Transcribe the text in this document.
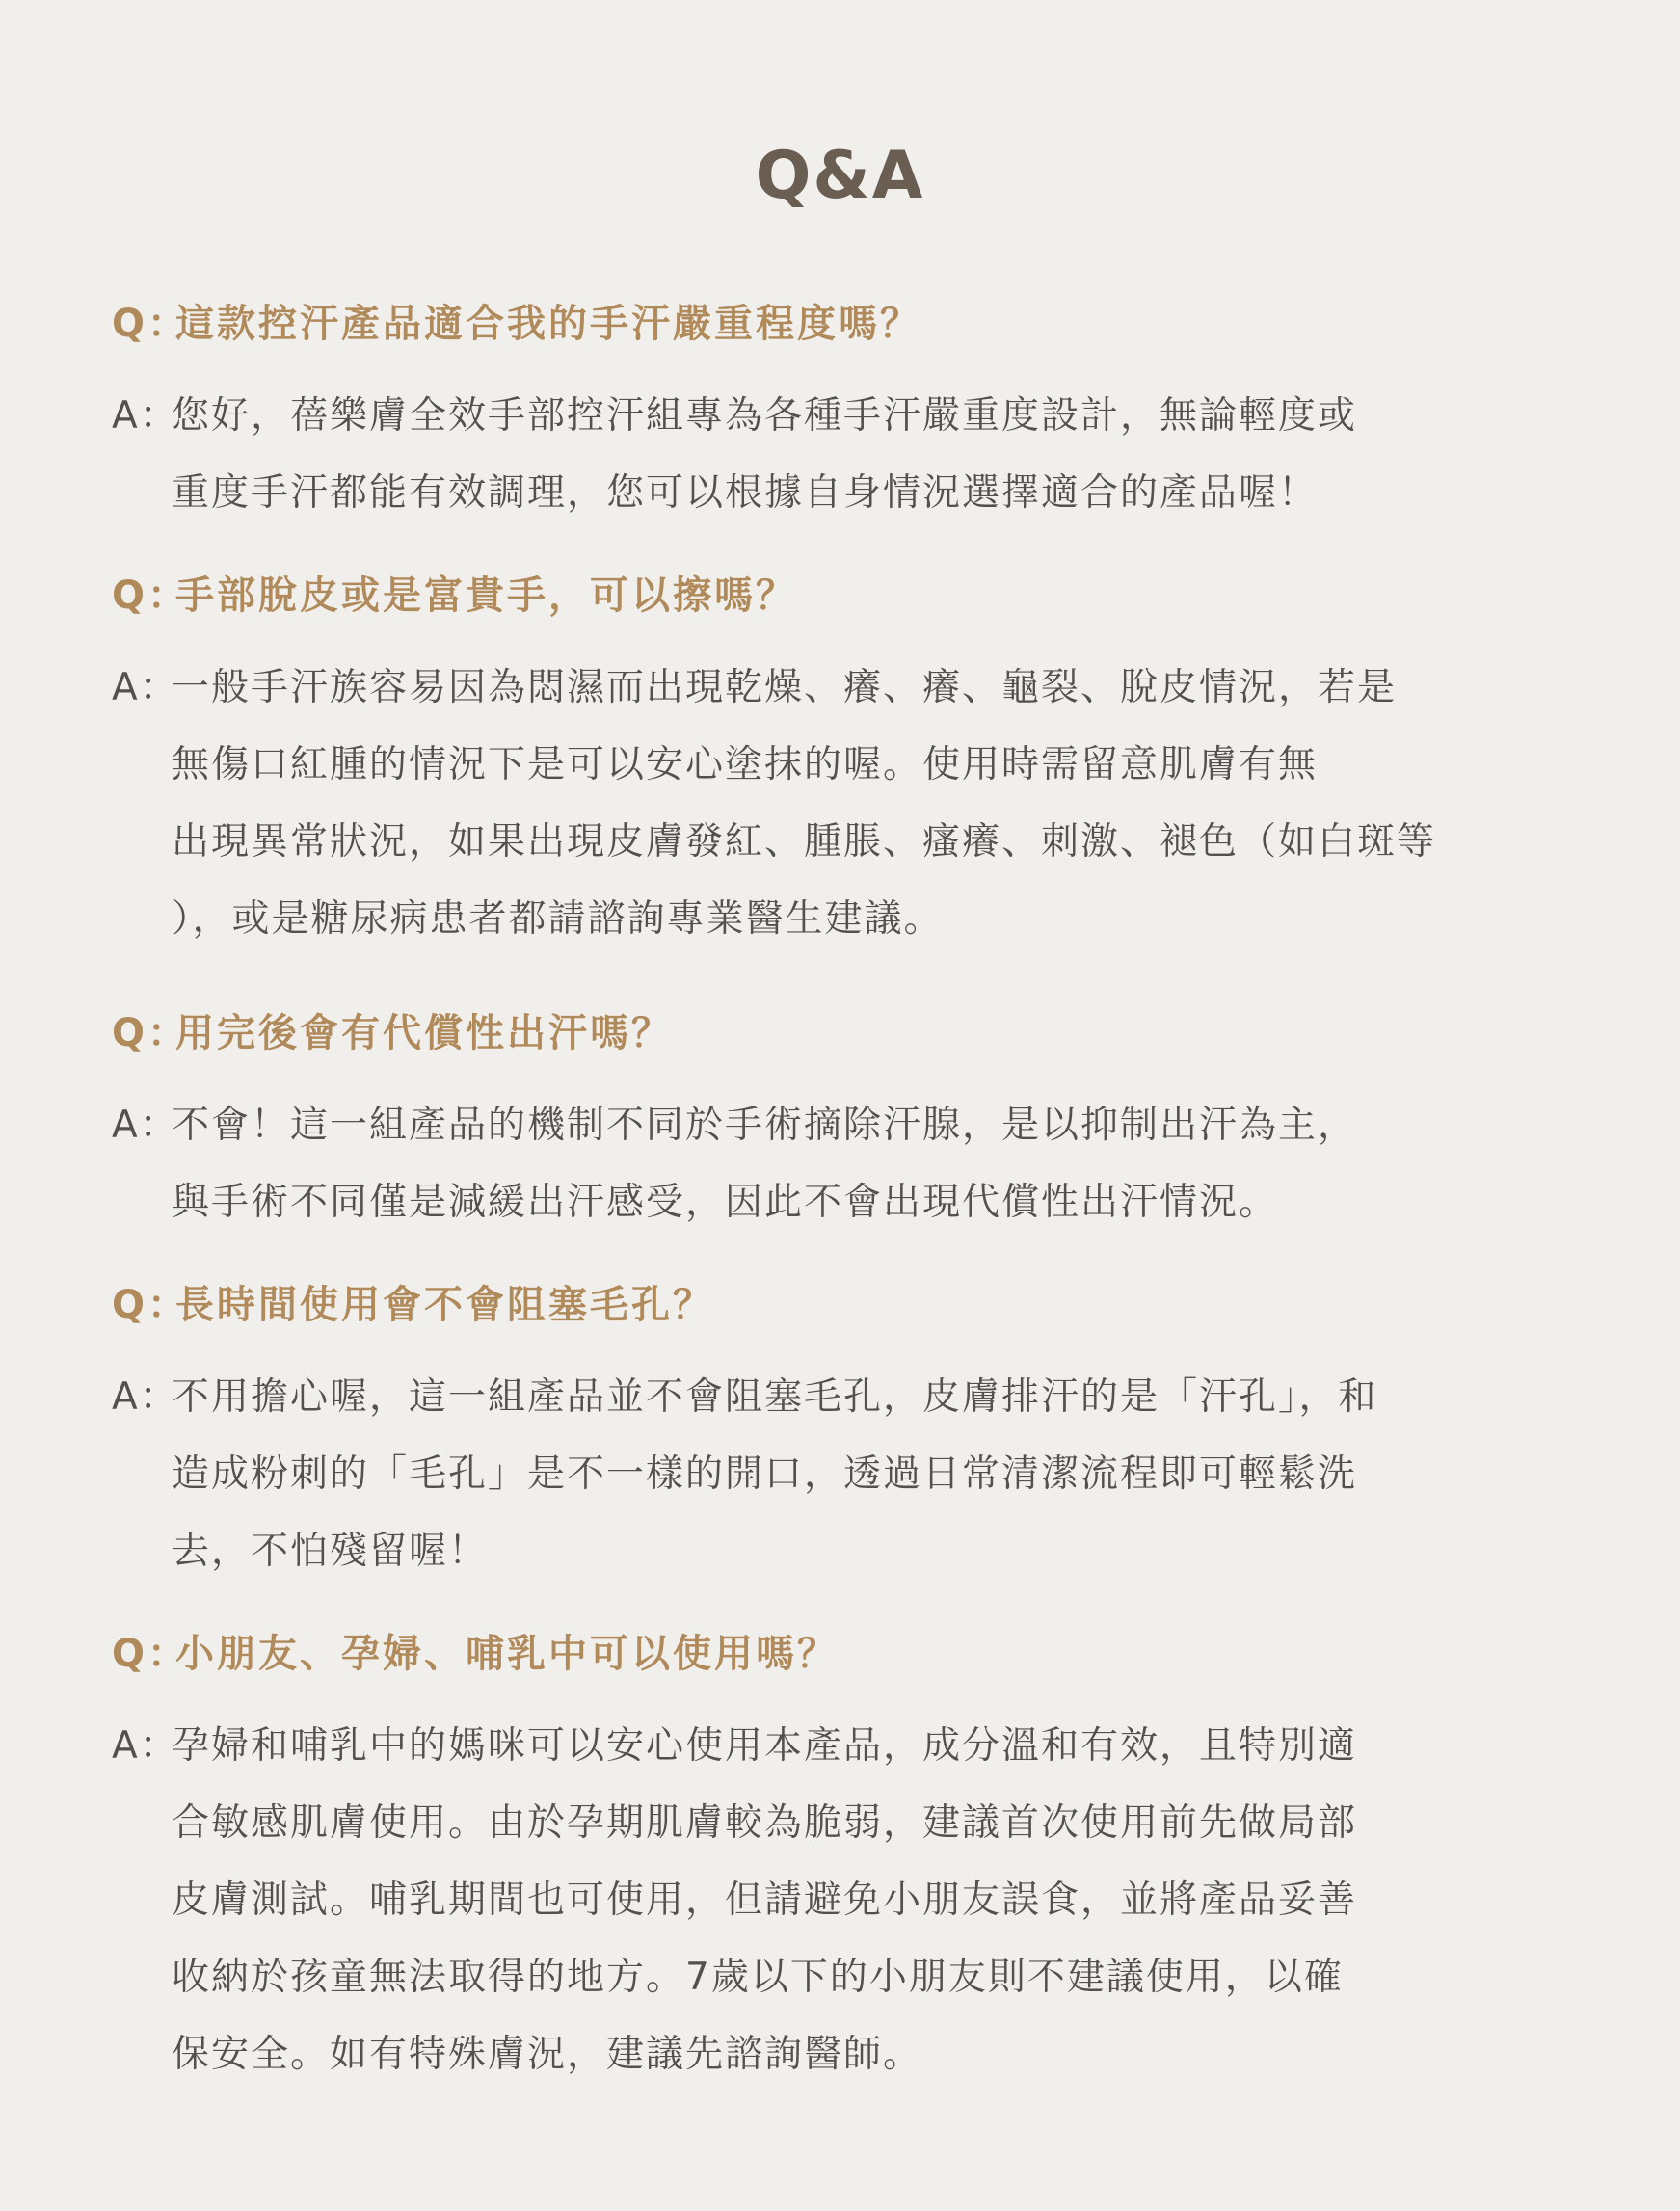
Q&A
Q：
這款控汗產品適合我的手汗嚴重程度嗎？
A：
您好，蓓樂膚全效手部控汗組專為各種手汗嚴重度設計，無論輕度或
重度手汗都能有效調理，您可以根據自身情況選擇適合的產品喔！
Q：
手部脫皮或是富貴手，可以擦嗎？
A：
一般手汗族容易因為悶濕而出現乾燥、癢、癢、龜裂、脫皮情況，若是
無傷口紅腫的情況下是可以安心塗抹的喔。使用時需留意肌膚有無
出現異常狀況，如果出現皮膚發紅、腫脹、瘙癢、刺激、褪色（如白斑等
），或是糖尿病患者都請諮詢專業醫生建議。
Q：
用完後會有代償性出汗嗎？
A：
不會！這一組產品的機制不同於手術摘除汗腺，是以抑制出汗為主，
與手術不同僅是減緩出汗感受，因此不會出現代償性出汗情況。
Q：
長時間使用會不會阻塞毛孔？
A：
不用擔心喔，這一組產品並不會阻塞毛孔，皮膚排汗的是「汗孔」，和
造成粉刺的「毛孔」是不一樣的開口，透過日常清潔流程即可輕鬆洗
去，不怕殘留喔！
Q：
小朋友、孕婦、哺乳中可以使用嗎？
A：
孕婦和哺乳中的媽咪可以安心使用本產品，成分溫和有效，且特別適
合敏感肌膚使用。由於孕期肌膚較為脆弱，建議首次使用前先做局部
皮膚測試。哺乳期間也可使用，但請避免小朋友誤食，並將產品妥善
收納於孩童無法取得的地方。7歲以下的小朋友則不建議使用，以確
保安全。如有特殊膚況，建議先諮詢醫師。
